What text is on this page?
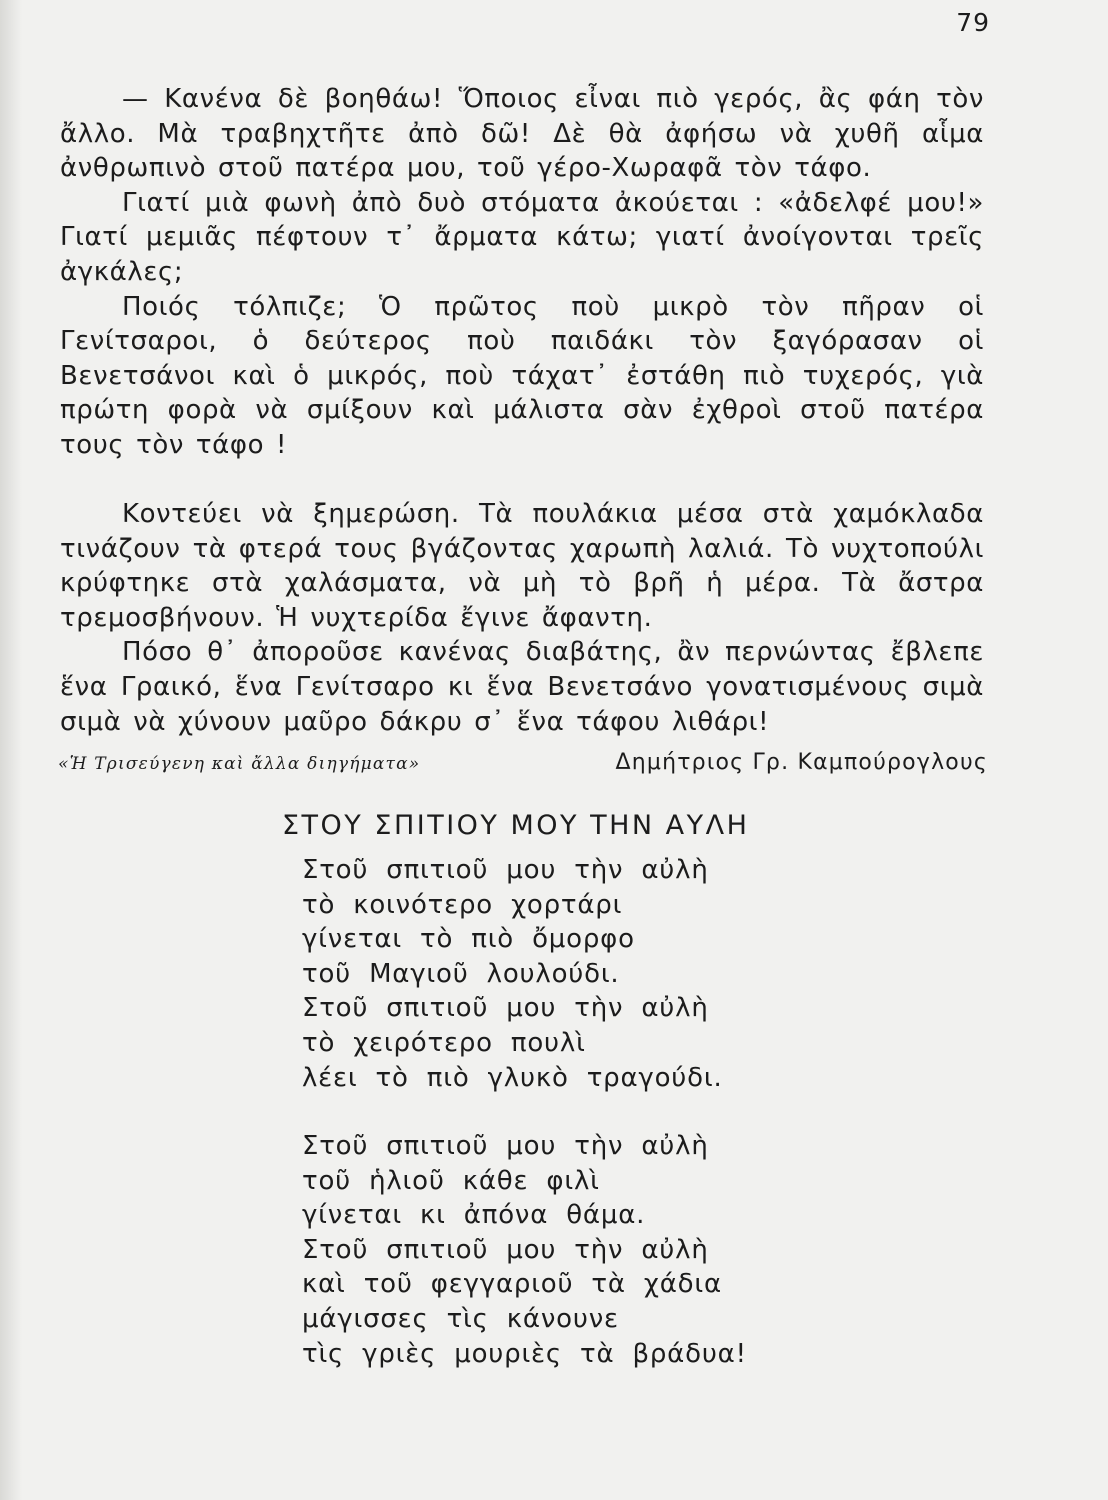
79

— Κανένα δὲ βοηθάω! Ὅποιος εἶναι πιὸ γερός, ἂς φάη τὸν ἄλλο. Μὰ τραβηχτῆτε ἀπὸ δῶ! Δὲ θὰ ἀφήσω νὰ χυθῆ αἷμα ἀνθρωπινὸ στοῦ πατέρα μου, τοῦ γέρο-Χωραφᾶ τὸν τάφο.

Γιατί μιὰ φωνὴ ἀπὸ δυὸ στόματα ἀκούεται : «ἀδελφέ μου!» Γιατί μεμιᾶς πέφτουν τ᾽ ἄρματα κάτω; γιατί ἀνοίγονται τρεῖς ἀγκάλες;

Ποιός τόλπιζε; Ὁ πρῶτος ποὺ μικρὸ τὸν πῆραν οἱ Γενίτσαροι, ὁ δεύτερος ποὺ παιδάκι τὸν ξαγόρασαν οἱ Βενετσάνοι καὶ ὁ μικρός, ποὺ τάχατ᾽ ἐστάθη πιὸ τυχερός, γιὰ πρώτη φορὰ νὰ σμίξουν καὶ μάλιστα σὰν ἐχθροὶ στοῦ πατέρα τους τὸν τάφο !

Κοντεύει νὰ ξημερώση. Τὰ πουλάκια μέσα στὰ χαμόκλαδα τινάζουν τὰ φτερά τους βγάζοντας χαρωπὴ λαλιά. Τὸ νυχτοπούλι κρύφτηκε στὰ χαλάσματα, νὰ μὴ τὸ βρῆ ἡ μέρα. Τὰ ἄστρα τρεμοσβήνουν. Ἡ νυχτερίδα ἔγινε ἄφαντη.

Πόσο θ᾽ ἀποροῦσε κανένας διαβάτης, ἂν περνώντας ἔβλεπε ἕνα Γραικό, ἕνα Γενίτσαρο κι ἕνα Βενετσάνο γονατισμένους σιμὰ σιμὰ νὰ χύνουν μαῦρο δάκρυ σ᾽ ἕνα τάφου λιθάρι!

«Ἡ Τρισεύγενη καὶ ἄλλα διηγήματα»	Δημήτριος Γρ. Καμπούρογλους
ΣΤΟΥ ΣΠΙΤΙΟΥ ΜΟΥ ΤΗΝ ΑΥΛΗ
Στοῦ σπιτιοῦ μου τὴν αὐλὴ
τὸ κοινότερο χορτάρι
γίνεται τὸ πιὸ ὄμορφο
τοῦ Μαγιοῦ λουλούδι.
Στοῦ σπιτιοῦ μου τὴν αὐλὴ
τὸ χειρότερο πουλὶ
λέει τὸ πιὸ γλυκὸ τραγούδι.
Στοῦ σπιτιοῦ μου τὴν αὐλὴ
τοῦ ἡλιοῦ κάθε φιλὶ
γίνεται κι ἀπόνα θάμα.
Στοῦ σπιτιοῦ μου τὴν αὐλὴ
καὶ τοῦ φεγγαριοῦ τὰ χάδια
μάγισσες τὶς κάνουνε
τὶς γριὲς μουριὲς τὰ βράδυα!
